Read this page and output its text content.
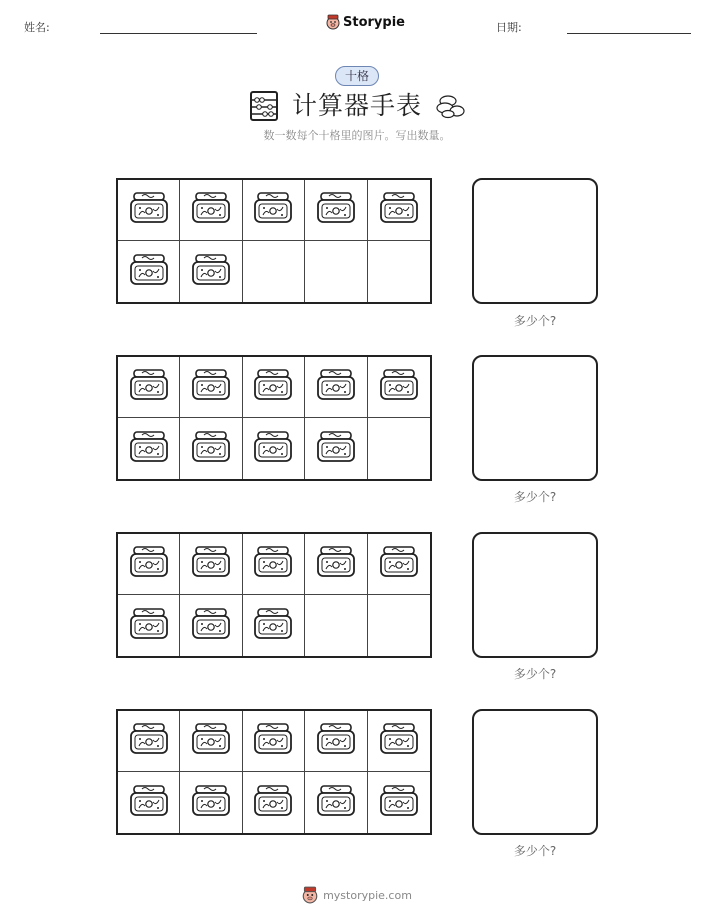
姓名:	日期:
Storypie
十格
计算器手表
数一数每个十格里的图片。写出数量。
多少个?
多少个?
多少个?
多少个?
mystorypie.com
